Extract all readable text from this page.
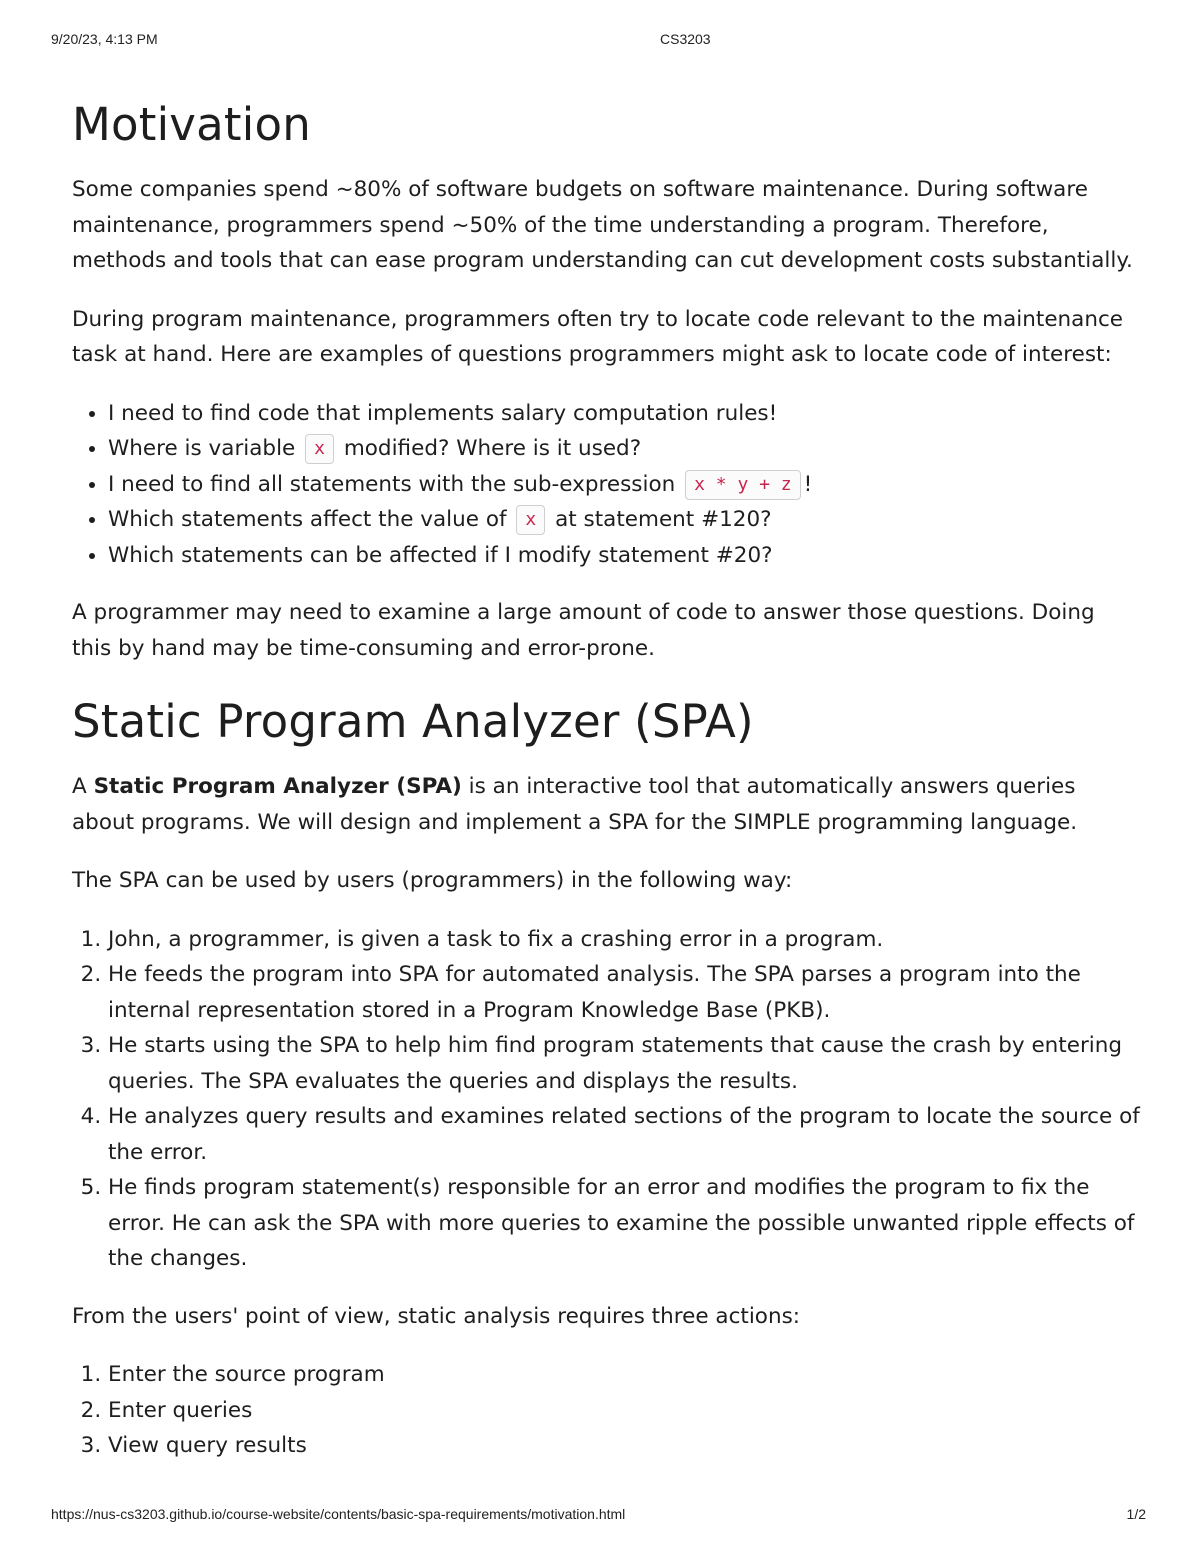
9/20/23, 4:13 PM	CS3203
Motivation

Some companies spend ~80% of software budgets on software maintenance. During software maintenance, programmers spend ~50% of the time understanding a program. Therefore, methods and tools that can ease program understanding can cut development costs substantially.

During program maintenance, programmers often try to locate code relevant to the maintenance task at hand. Here are examples of questions programmers might ask to locate code of interest:

• I need to find code that implements salary computation rules!
• Where is variable x modified? Where is it used?
• I need to find all statements with the sub-expression x * y + z !
• Which statements affect the value of x at statement #120?
• Which statements can be affected if I modify statement #20?

A programmer may need to examine a large amount of code to answer those questions. Doing this by hand may be time-consuming and error-prone.

Static Program Analyzer (SPA)

A Static Program Analyzer (SPA) is an interactive tool that automatically answers queries about programs. We will design and implement a SPA for the SIMPLE programming language.

The SPA can be used by users (programmers) in the following way:

1. John, a programmer, is given a task to fix a crashing error in a program.
2. He feeds the program into SPA for automated analysis. The SPA parses a program into the internal representation stored in a Program Knowledge Base (PKB).
3. He starts using the SPA to help him find program statements that cause the crash by entering queries. The SPA evaluates the queries and displays the results.
4. He analyzes query results and examines related sections of the program to locate the source of the error.
5. He finds program statement(s) responsible for an error and modifies the program to fix the error. He can ask the SPA with more queries to examine the possible unwanted ripple effects of the changes.

From the users' point of view, static analysis requires three actions:

1. Enter the source program
2. Enter queries
3. View query results
https://nus-cs3203.github.io/course-website/contents/basic-spa-requirements/motivation.html	1/2
